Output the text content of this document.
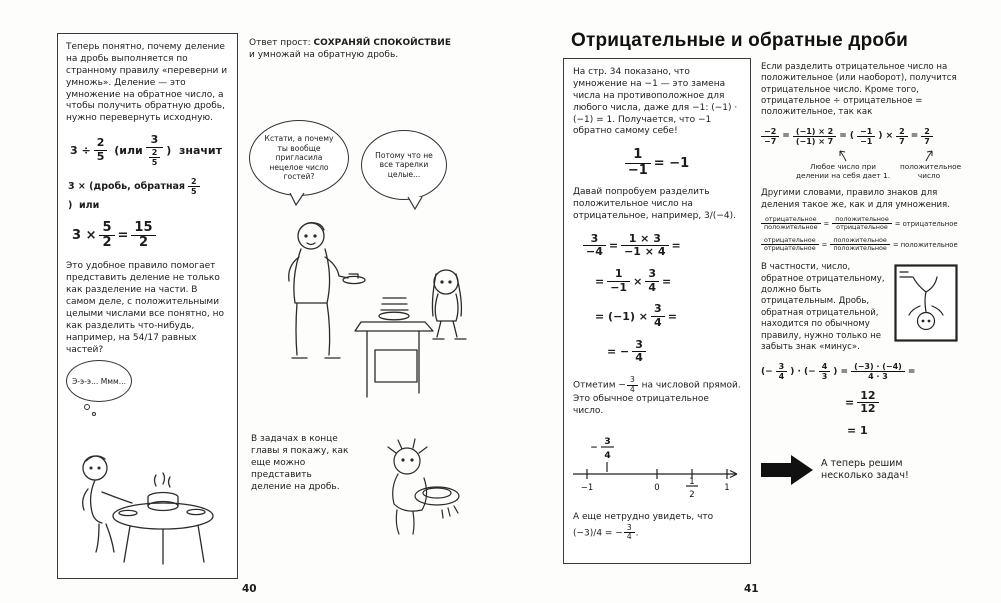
Теперь понятно, почему деление на дробь выполняется по странному правилу «переверни и умножь». Деление — это умножение на обратное число, а чтобы получить обратную дробь, нужно перевернуть исходную.

$3 \div \frac{2}{5} (или \frac{3}{\frac{2}{5}}$ )  значит
3 × (дробь, обратная $\frac{2}{5}$
)  или
$3 \times \frac{5}{2} = \frac{15}{2}$

Это удобное правило помогает представить деление не только как разделение на части. В самом деле, с положительными целыми числами все понятно, но как разделить что-нибудь, например, на 54/17 равных частей?

Э-э-э... Ммм...

Ответ прост: СОХРАНЯЙ СПОКОЙСТВИЕ и умножай на обратную дробь.

Кстати, а почему ты вообще пригласила нецелое число гостей?
Потому что не все тарелки целые...

В задачах в конце главы я покажу, как еще можно представить деление на дробь.

40
Отрицательные и обратные дроби

На стр. 34 показано, что умножение на −1 — это замена числа на противоположное для любого числа, даже для −1: (−1) · (−1) = 1. Получается, что −1 обратно самому себе!

$\frac{1}{-1} = -1$

Давай попробуем разделить положительное число на отрицательное, например, 3/(−4).

$\frac{3}{-4} = \frac{1 \times 3}{-1 \times 4}$ =
= $\frac{1}{-1} \times \frac{3}{4}$ =
= $(-1) \times \frac{3}{4}$ =
= − $\frac{3}{4}$
Отметим − $\frac{3}{4}$ на числовой прямой. Это обычное отрицательное число.
−
3
4
−1	0
1
2
1
А еще нетрудно увидеть, что (−3)/4 = − $\frac{3}{4}$ .

Если разделить отрицательное число на положительное (или наоборот), получится отрицательное число. Кроме того, отрицательное ÷ отрицательное = положительное, так как

$\frac{-2}{-7} = \frac{(-1) \times 2}{(-1) \times 7}$ = ( $\frac{-1}{-1}$ ) × $\frac{2}{7} = \frac{2}{7}$
Любое число при делении на себя дает 1.
положительное число

Другими словами, правило знаков для деления такое же, как и для умножения.

$\frac{\text{отрицательное}}{\text{положительное}} = \frac{\text{положительное}}{\text{отрицательное}}$ = отрицательное
$\frac{\text{отрицательное}}{\text{отрицательное}} = \frac{\text{положительное}}{\text{положительное}}$ = положительное
В частности, число, обратное отрицательному, должно быть отрицательным. Дробь, обратная отрицательной, находится по обычному правилу, нужно только не забыть знак «минус».
(− $\frac{3}{4}$ ) · (− $\frac{4}{3}$ ) = $\frac{(-3) \cdot (-4)}{4 \cdot 3}$ =
= $\frac{12}{12}$
= 1

А теперь решим несколько задач!

41
